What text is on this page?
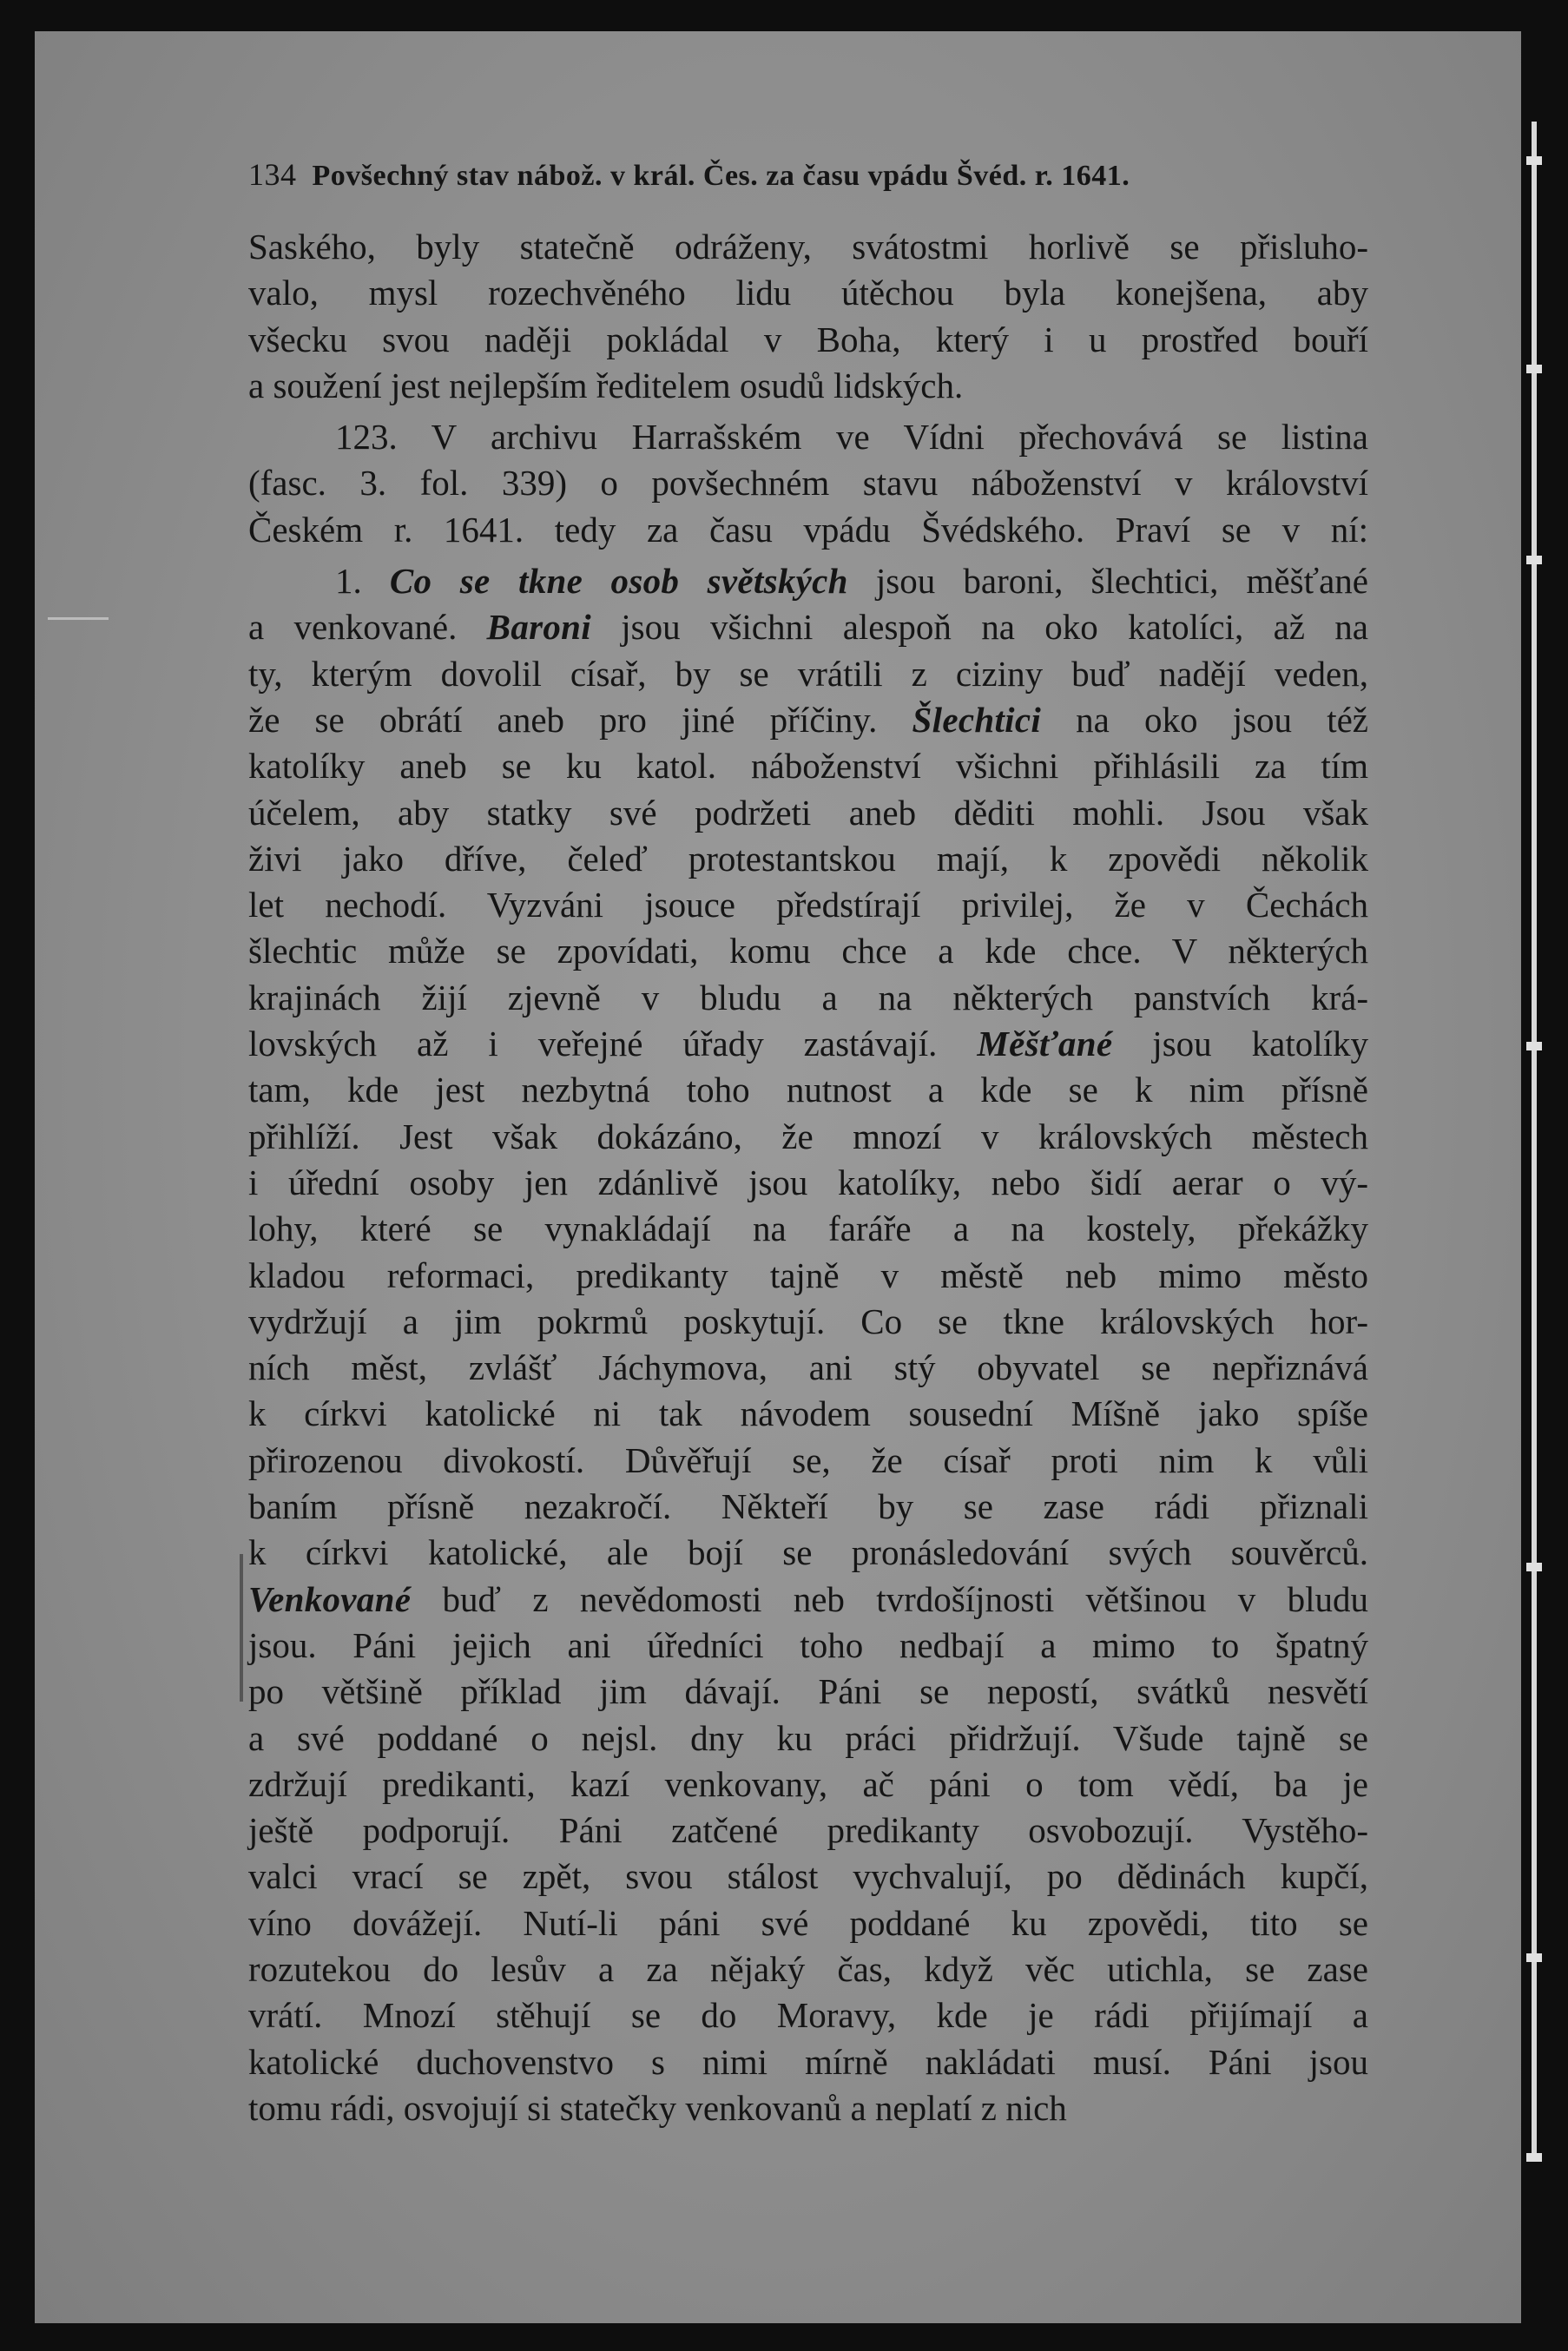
134 Povšechný stav nábož. v král. Čes. za času vpádu Švéd. r. 1641.
Saského, byly statečně odráženy, svátostmi horlivě se přisluho-
valo, mysl rozechvěného lidu útěchou byla konejšena, aby
všecku svou naději pokládal v Boha, který i u prostřed bouří
a soužení jest nejlepším ředitelem osudů lidských.
123. V archivu Harrašském ve Vídni přechovává se listina
(fasc. 3. fol. 339) o povšechném stavu náboženství v království
Českém r. 1641. tedy za času vpádu Švédského. Praví se v ní:
1. Co se tkne osob světských jsou baroni, šlechtici, měšťané
a venkované. Baroni jsou všichni alespoň na oko katolíci, až na
ty, kterým dovolil císař, by se vrátili z ciziny buď nadějí veden,
že se obrátí aneb pro jiné příčiny. Šlechtici na oko jsou též
katolíky aneb se ku katol. náboženství všichni přihlásili za tím
účelem, aby statky své podržeti aneb děditi mohli. Jsou však
živi jako dříve, čeleď protestantskou mají, k zpovědi několik
let nechodí. Vyzváni jsouce předstírají privilej, že v Čechách
šlechtic může se zpovídati, komu chce a kde chce. V některých
krajinách žijí zjevně v bludu a na některých panstvích krá-
lovských až i veřejné úřady zastávají. Měšťané jsou katolíky
tam, kde jest nezbytná toho nutnost a kde se k nim přísně
přihlíží. Jest však dokázáno, že mnozí v královských městech
i úřední osoby jen zdánlivě jsou katolíky, nebo šidí aerar o vý-
lohy, které se vynakládají na faráře a na kostely, překážky
kladou reformaci, predikanty tajně v městě neb mimo město
vydržují a jim pokrmů poskytují. Co se tkne královských hor-
ních měst, zvlášť Jáchymova, ani stý obyvatel se nepřiznává
k církvi katolické ni tak návodem sousední Míšně jako spíše
přirozenou divokostí. Důvěřují se, že císař proti nim k vůli
baním přísně nezakročí. Někteří by se zase rádi přiznali
k církvi katolické, ale bojí se pronásledování svých souvěrců.
Venkované buď z nevědomosti neb tvrdošíjnosti většinou v bludu
jsou. Páni jejich ani úředníci toho nedbají a mimo to špatný
po většině příklad jim dávají. Páni se nepostí, svátků nesvětí
a své poddané o nejsl. dny ku práci přidržují. Všude tajně se
zdržují predikanti, kazí venkovany, ač páni o tom vědí, ba je
ještě podporují. Páni zatčené predikanty osvobozují. Vystěho-
valci vrací se zpět, svou stálost vychvalují, po dědinách kupčí,
víno dovážejí. Nutí-li páni své poddané ku zpovědi, tito se
rozutekou do lesův a za nějaký čas, když věc utichla, se zase
vrátí. Mnozí stěhují se do Moravy, kde je rádi přijímají a
katolické duchovenstvo s nimi mírně nakládati musí. Páni jsou
tomu rádi, osvojují si statečky venkovanů a neplatí z nich
